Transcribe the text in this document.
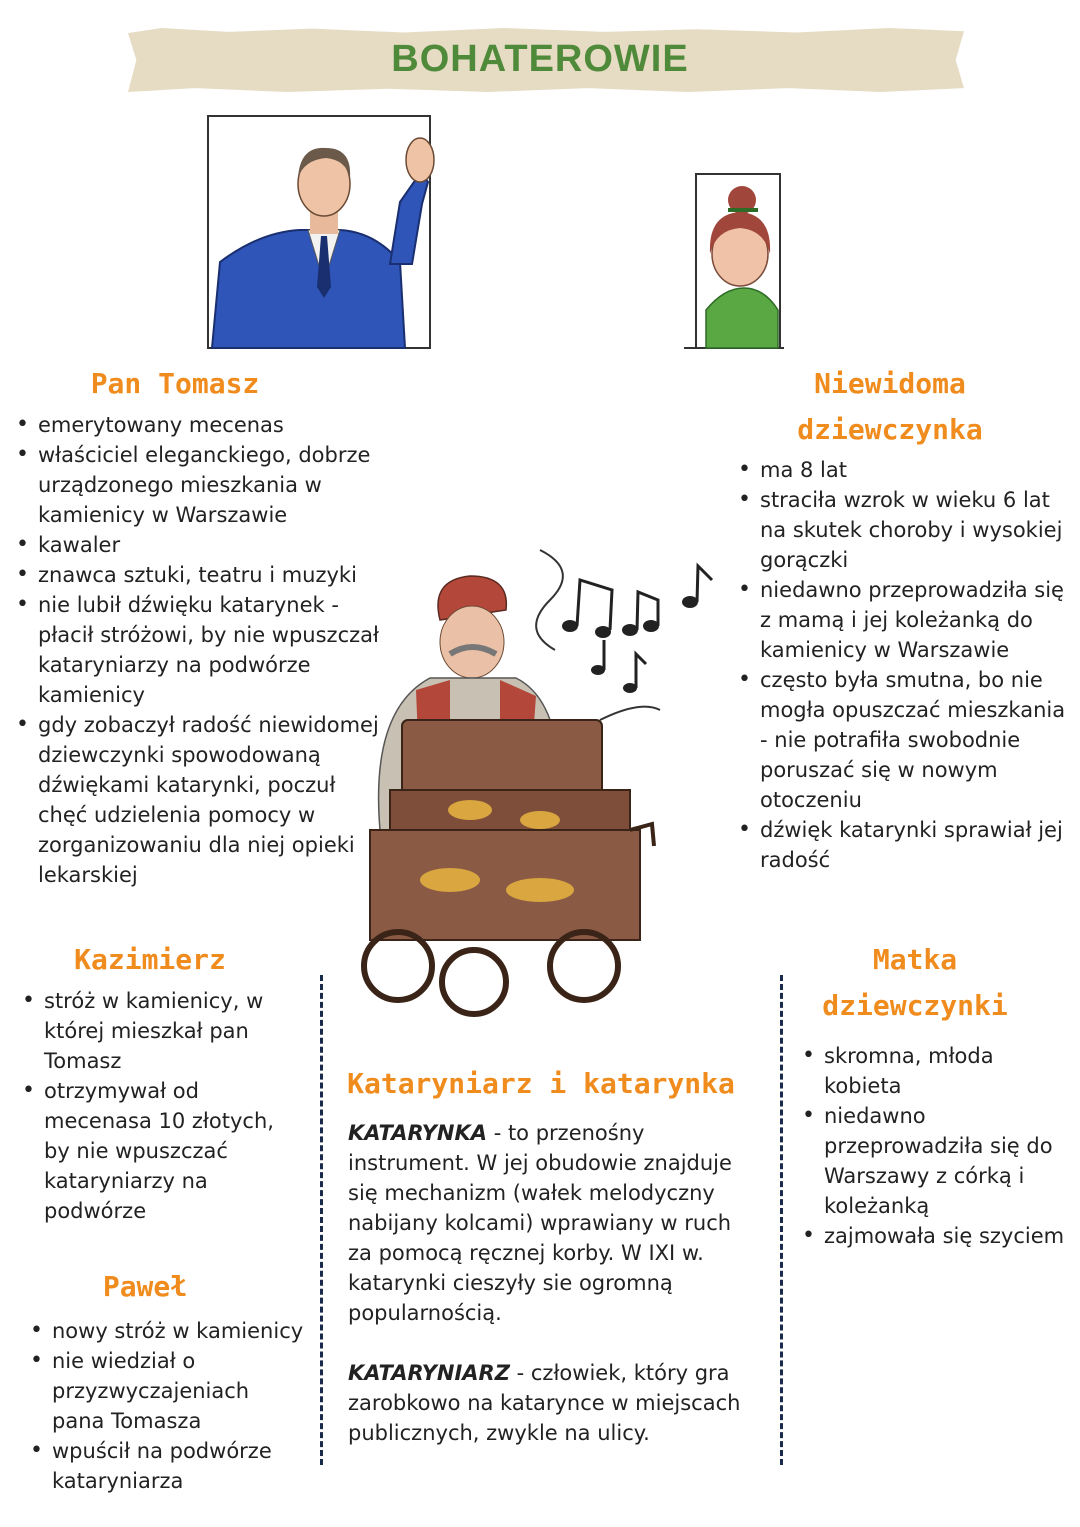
BOHATEROWIE
Pan Tomasz
• emerytowany mecenas
• właściciel eleganckiego, dobrze urządzonego mieszkania w kamienicy w Warszawie
• kawaler
• znawca sztuki, teatru i muzyki
• nie lubił dźwięku katarynek - płacił stróżowi, by nie wpuszczał kataryniarzy na podwórze kamienicy
• gdy zobaczył radość niewidomej dziewczynki spowodowaną dźwiękami katarynki, poczuł chęć udzielenia pomocy w zorganizowaniu dla niej opieki lekarskiej
Niewidoma
dziewczynka
• ma 8 lat
• straciła wzrok w wieku 6 lat na skutek choroby i wysokiej gorączki
• niedawno przeprowadziła się z mamą i jej koleżanką do kamienicy w Warszawie
• często była smutna, bo nie mogła opuszczać mieszkania - nie potrafiła swobodnie poruszać się w nowym otoczeniu
• dźwięk katarynki sprawiał jej radość
Kazimierz
• stróż w kamienicy, w której mieszkał pan Tomasz
• otrzymywał od mecenasa 10 złotych, by nie wpuszczać kataryniarzy na podwórze
Paweł
• nowy stróż w kamienicy
• nie wiedział o przyzwyczajeniach pana Tomasza
• wpuścił na podwórze kataryniarza
Matka
dziewczynki
• skromna, młoda kobieta
• niedawno przeprowadziła się do Warszawy z córką i koleżanką
• zajmowała się szyciem
Kataryniarz i katarynka

KATARYNKA - to przenośny instrument. W jej obudowie znajduje się mechanizm (wałek melodyczny nabijany kolcami) wprawiany w ruch za pomocą ręcznej korby. W IXI w. katarynki cieszyły sie ogromną popularnością.

KATARYNIARZ - człowiek, który gra zarobkowo na katarynce w miejscach publicznych, zwykle na ulicy.
